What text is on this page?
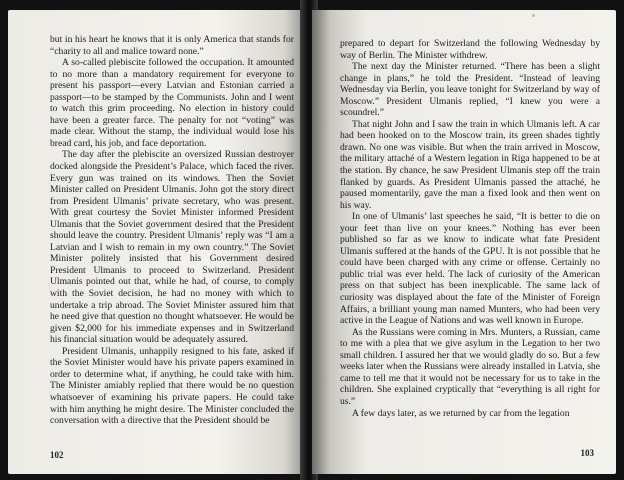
but in his heart he knows that it is only America that stands for “charity to all and malice toward none.”

A so-called plebiscite followed the occupation. It amounted to no more than a mandatory requirement for everyone to present his passport—every Latvian and Estonian carried a passport—to be stamped by the Communists. John and I went to watch this grim proceeding. No election in history could have been a greater farce. The penalty for not “voting” was made clear. Without the stamp, the individual would lose his bread card, his job, and face deportation.

The day after the plebiscite an oversized Russian destroyer docked alongside the President’s Palace, which faced the river. Every gun was trained on its windows. Then the Soviet Minister called on President Ulmanis. John got the story direct from President Ulmanis’ private secretary, who was present. With great courtesy the Soviet Minister informed President Ulmanis that the Soviet government desired that the President should leave the country. President Ulmanis’ reply was “I am a Latvian and I wish to remain in my own country.” The Soviet Minister politely insisted that his Government desired President Ulmanis to proceed to Switzerland. President Ulmanis pointed out that, while he had, of course, to comply with the Soviet decision, he had no money with which to undertake a trip abroad. The Soviet Minister assured him that he need give that question no thought whatsoever. He would be given $2,000 for his immediate expenses and in Switzerland his financial situation would be adequately assured.

President Ulmanis, unhappily resigned to his fate, asked if the Soviet Minister would have his private papers examined in order to determine what, if anything, he could take with him. The Minister amiably replied that there would be no question whatsoever of examining his private papers. He could take with him anything he might desire. The Minister concluded the conversation with a directive that the President should be

102

prepared to depart for Switzerland the following Wednesday by way of Berlin. The Minister withdrew.

The next day the Minister returned. “There has been a slight change in plans,” he told the President. “Instead of leaving Wednesday via Berlin, you leave tonight for Switzerland by way of Moscow.” President Ulmanis replied, “I knew you were a scoundrel.”

That night John and I saw the train in which Ulmanis left. A car had been hooked on to the Moscow train, its green shades tightly drawn. No one was visible. But when the train arrived in Moscow, the military attaché of a Western legation in Riga happened to be at the station. By chance, he saw President Ulmanis step off the train flanked by guards. As President Ulmanis passed the attaché, he paused momentarily, gave the man a fixed look and then went on his way.

In one of Ulmanis’ last speeches he said, “It is better to die on your feet than live on your knees.” Nothing has ever been published so far as we know to indicate what fate President Ulmanis suffered at the hands of the GPU. It is not possible that he could have been charged with any crime or offense. Certainly no public trial was ever held. The lack of curiosity of the American press on that subject has been inexplicable. The same lack of curiosity was displayed about the fate of the Minister of Foreign Affairs, a brilliant young man named Munters, who had been very active in the League of Nations and was well known in Europe.

As the Russians were coming in Mrs. Munters, a Russian, came to me with a plea that we give asylum in the Legation to her two small children. I assured her that we would gladly do so. But a few weeks later when the Russians were already installed in Latvia, she came to tell me that it would not be necessary for us to take in the children. She explained cryptically that “everything is all right for us.”

A few days later, as we returned by car from the legation

103
